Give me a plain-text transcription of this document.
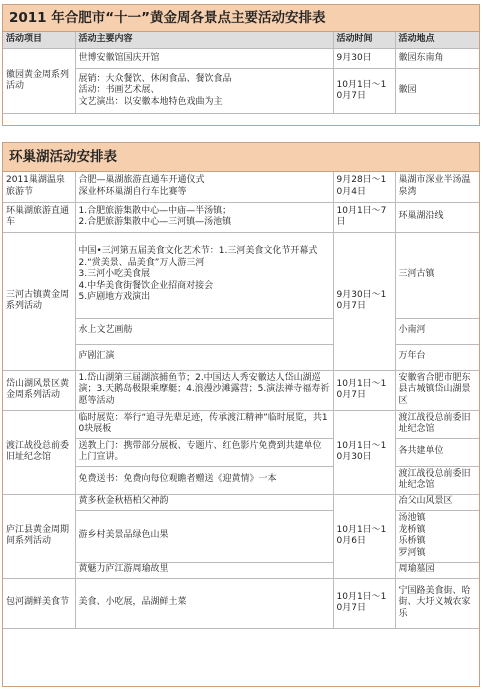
2011 年合肥市“十一”黄金周各景点主要活动安排表
活动项目	活动主要内容	活动时间	活动地点
徽园黄金周系列活动	世博安徽馆国庆开馆	9月30日	徽园东南角

	展销：大众餐饮、休闲食品、餐饮食品
活动：书画艺术展、
文艺演出：以安徽本地特色戏曲为主	10月1日～10月7日	徽园
环巢湖活动安排表
2011巢湖温泉旅游节	合肥—巢湖旅游直通车开通仪式
深业杯环巢湖自行车比赛等	9月28日～10月4日	巢湖市深业半汤温泉湾
环巢湖旅游直通车	1.合肥旅游集散中心—中庙—半汤镇；
2.合肥旅游集散中心—三河镇—汤池镇	10月1日～7日	环巢湖沿线
三河古镇黄金周系列活动	中国•三河第五届美食文化艺术节：1.三河美食文化节开幕式
2.“赏美景、品美食”万人游三河
3.三河小吃美食展
4.中华美食街餐饮企业招商对接会
5.庐剧地方戏演出	9月30日～10月7日	三河古镇
	水上文艺画舫		小南河
	庐剧汇演		万年台
岱山湖风景区黄金周系列活动	1.岱山湖第三届湖滨捕鱼节；2.中国达人秀安徽达人岱山湖巡演；3.天鹅岛极限乘摩艇；4.浪漫沙滩露营；5.演法禅寺福寿祈愿等活动	10月1日～10月7日	安徽省合肥市肥东县古城镇岱山湖景区
渡江战役总前委旧址纪念馆	临时展览：举行“追寻先辈足迹，传承渡江精神”临时展览，共10块展板	10月1日～10月30日	渡江战役总前委旧址纪念馆
	送教上门：携带部分展板、专题片、红色影片免费到共建单位上门宣讲。		各共建单位
	免费送书：免费向每位观瞻者赠送《迎黄情》一本		渡江战役总前委旧址纪念馆
庐江县黄金周期间系列活动	黄多秋金秋梧柏父神韵	10月1日～10月6日	冶父山风景区
	游乡村美景品绿色山果		汤池镇
龙桥镇
乐桥镇
罗河镇

	黄魅力庐江游周瑜故里		周瑜墓园
包河湖鲜美食节	美食、小吃展，品湖鲜土菜	10月1日～10月7日	宁国路美食街、哈街、大圩义城农家乐
